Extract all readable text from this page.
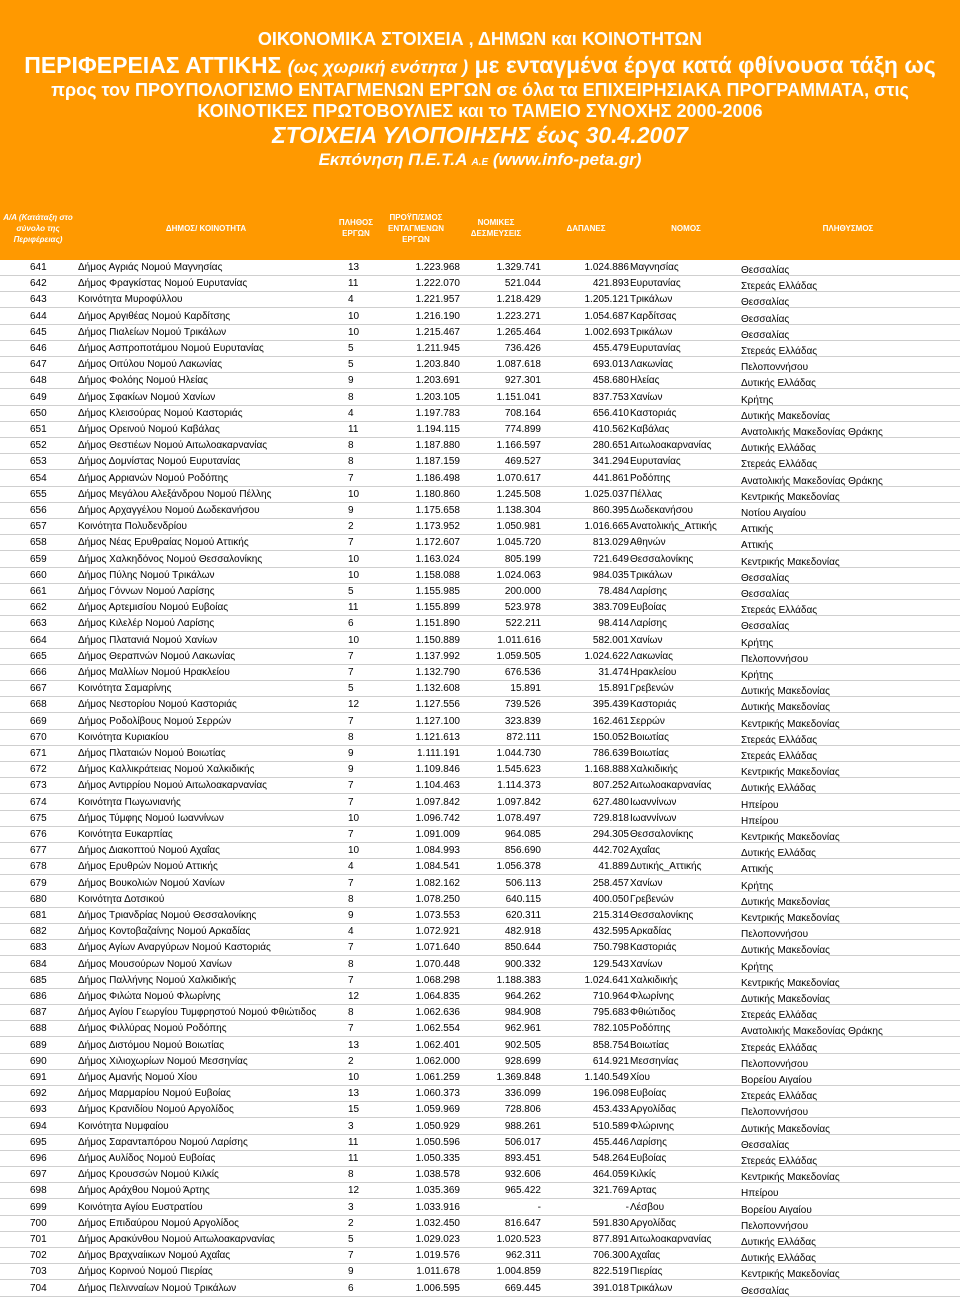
ΟΙΚΟΝΟΜΙΚΑ ΣΤΟΙΧΕΙΑ , ΔΗΜΩΝ και ΚΟΙΝΟΤΗΤΩΝ
ΠΕΡΙΦΕΡΕΙΑΣ ΑΤΤΙΚΗΣ (ως χωρική ενότητα ) με ενταγμένα έργα κατά φθίνουσα τάξη ως
προς τον ΠΡΟΥΠΟΛΟΓΙΣΜΟ ΕΝΤΑΓΜΕΝΩΝ ΕΡΓΩΝ σε όλα τα ΕΠΙΧΕΙΡΗΣΙΑΚΑ ΠΡΟΓΡΑΜΜΑΤΑ, στις
ΚΟΙΝΟΤΙΚΕΣ ΠΡΩΤΟΒΟΥΛΙΕΣ και το ΤΑΜΕΙΟ ΣΥΝΟΧΗΣ 2000-2006
ΣΤΟΙΧΕΙΑ ΥΛΟΠΟΙΗΣΗΣ έως 30.4.2007
Εκπόνηση Π.Ε.Τ.Α Α.Ε (www.info-peta.gr)
Α/Α (Κατάταξη στο σύνολο της Περιφέρειας)
ΔΗΜΟΣ/ ΚΟΙΝΟΤΗΤΑ
ΠΛΗΘΟΣ ΕΡΓΩΝ
ΠΡΟΫΠ/ΣΜΟΣ ΕΝΤΑΓΜΕΝΩΝ ΕΡΓΩΝ
ΝΟΜΙΚΕΣ ΔΕΣΜΕΥΣΕΙΣ
ΔΑΠΑΝΕΣ	ΝΟΜΟΣ	ΠΛΗΘΥΣΜΟΣ
641	Δήμος Αγριάς Νομού Μαγνησίας	13	1.223.968	1.329.741	1.024.886 Μαγνησίας	Θεσσαλίας
642	Δήμος Φραγκίστας Νομού Ευρυτανίας	11	1.222.070	521.044	421.893 Ευρυτανίας	Στερεάς Ελλάδας
643	Κοινότητα Μυροφύλλου	4	1.221.957	1.218.429	1.205.121 Τρικάλων	Θεσσαλίας
644	Δήμος Αργιθέας Νομού Καρδίτσης	10	1.216.190	1.223.271	1.054.687 Καρδίτσας	Θεσσαλίας
645	Δήμος Πιαλείων Νομού Τρικάλων	10	1.215.467	1.265.464	1.002.693 Τρικάλων	Θεσσαλίας
646	Δήμος Ασπροποτάμου Νομού Ευρυτανίας	5	1.211.945	736.426	455.479 Ευρυτανίας	Στερεάς Ελλάδας
647	Δήμος Οιτύλου Νομού Λακωνίας	5	1.203.840	1.087.618	693.013 Λακωνίας	Πελοποννήσου
648	Δήμος Φολόης Νομού Ηλείας	9	1.203.691	927.301	458.680 Ηλείας	Δυτικής Ελλάδας
649	Δήμος Σφακίων Νομού Χανίων	8	1.203.105	1.151.041	837.753 Χανίων	Κρήτης
650	Δήμος Κλεισούρας Νομού Καστοριάς	4	1.197.783	708.164	656.410 Καστοριάς	Δυτικής Μακεδονίας
651	Δήμος Ορεινού Νομού Καβάλας	11	1.194.115	774.899	410.562 Καβάλας	Ανατολικής Μακεδονίας Θράκης
652	Δήμος Θεστιέων Νομού Αιτωλοακαρνανίας	8	1.187.880	1.166.597	280.651 Αιτωλοακαρνανίας	Δυτικής Ελλάδας
653	Δήμος Δομνίστας Νομού Ευρυτανίας	8	1.187.159	469.527	341.294 Ευρυτανίας	Στερεάς Ελλάδας
654	Δήμος Αρριανών Νομού Ροδόπης	7	1.186.498	1.070.617	441.861 Ροδόπης	Ανατολικής Μακεδονίας Θράκης
655	Δήμος Μεγάλου Αλεξάνδρου Νομού Πέλλης	10	1.180.860	1.245.508	1.025.037 Πέλλας	Κεντρικής Μακεδονίας
656	Δήμος Αρχαγγέλου Νομού Δωδεκανήσου	9	1.175.658	1.138.304	860.395 Δωδεκανήσου	Νοτίου Αιγαίου
657	Κοινότητα Πολυδενδρίου	2	1.173.952	1.050.981	1.016.665 Ανατολικής_Αττικής Αττικής
658	Δήμος Νέας Ερυθραίας Νομού Αττικής	7	1.172.607	1.045.720	813.029 Αθηνών	Αττικής
659	Δήμος Χαλκηδόνος Νομού Θεσσαλονίκης	10	1.163.024	805.199	721.649 Θεσσαλονίκης	Κεντρικής Μακεδονίας
660	Δήμος Πύλης Νομού Τρικάλων	10	1.158.088	1.024.063	984.035 Τρικάλων	Θεσσαλίας
661	Δήμος Γόννων Νομού Λαρίσης	5	1.155.985	200.000	78.484 Λαρίσης	Θεσσαλίας
662	Δήμος Αρτεμισίου Νομού Ευβοίας	11	1.155.899	523.978	383.709 Ευβοίας	Στερεάς Ελλάδας
663	Δήμος Κιλελέρ Νομού Λαρίσης	6	1.151.890	522.211	98.414 Λαρίσης	Θεσσαλίας
664	Δήμος Πλατανιά Νομού Χανίων	10	1.150.889	1.011.616	582.001 Χανίων	Κρήτης
665	Δήμος Θεραπνών Νομού Λακωνίας	7	1.137.992	1.059.505	1.024.622 Λακωνίας	Πελοποννήσου
666	Δήμος Μαλλίων Νομού Ηρακλείου	7	1.132.790	676.536	31.474 Ηρακλείου	Κρήτης
667	Κοινότητα Σαμαρίνης	5	1.132.608	15.891	15.891 Γρεβενών	Δυτικής Μακεδονίας
668	Δήμος Νεστορίου Νομού Καστοριάς	12	1.127.556	739.526	395.439 Καστοριάς	Δυτικής Μακεδονίας
669	Δήμος Ροδολίβους Νομού Σερρών	7	1.127.100	323.839	162.461 Σερρών	Κεντρικής Μακεδονίας
670	Κοινότητα Κυριακίου	8	1.121.613	872.111	150.052 Βοιωτίας	Στερεάς Ελλάδας
671	Δήμος Πλαταιών Νομού Βοιωτίας	9	1.111.191	1.044.730	786.639 Βοιωτίας	Στερεάς Ελλάδας
672	Δήμος Καλλικράτειας Νομού Χαλκιδικής	9	1.109.846	1.545.623	1.168.888 Χαλκιδικής	Κεντρικής Μακεδονίας
673	Δήμος Αντιρρίου Νομού Αιτωλοακαρνανίας	7	1.104.463	1.114.373	807.252 Αιτωλοακαρνανίας	Δυτικής Ελλάδας
674	Κοινότητα Πωγωνιανής	7	1.097.842	1.097.842	627.480 Ιωαννίνων	Ηπείρου
675	Δήμος Τύμφης Νομού Ιωαννίνων	10	1.096.742	1.078.497	729.818 Ιωαννίνων	Ηπείρου
676	Κοινότητα Ευκαρπίας	7	1.091.009	964.085	294.305 Θεσσαλονίκης	Κεντρικής Μακεδονίας
677	Δήμος Διακοπτού Νομού Αχαΐας	10	1.084.993	856.690	442.702 Αχαΐας	Δυτικής Ελλάδας
678	Δήμος Ερυθρών Νομού Αττικής	4	1.084.541	1.056.378	41.889 Δυτικής_Αττικής	Αττικής
679	Δήμος Βουκολιών Νομού Χανίων	7	1.082.162	506.113	258.457 Χανίων	Κρήτης
680	Κοινότητα Δοτσικού	8	1.078.250	640.115	400.050 Γρεβενών	Δυτικής Μακεδονίας
681	Δήμος Τριανδρίας Νομού Θεσσαλονίκης	9	1.073.553	620.311	215.314 Θεσσαλονίκης	Κεντρικής Μακεδονίας
682	Δήμος Κοντοβαζαίνης Νομού Αρκαδίας	4	1.072.921	482.918	432.595 Αρκαδίας	Πελοποννήσου
683	Δήμος Αγίων Αναργύρων Νομού Καστοριάς	7	1.071.640	850.644	750.798 Καστοριάς	Δυτικής Μακεδονίας
684	Δήμος Μουσούρων Νομού Χανίων	8	1.070.448	900.332	129.543 Χανίων	Κρήτης
685	Δήμος Παλλήνης Νομού Χαλκιδικής	7	1.068.298	1.188.383	1.024.641 Χαλκιδικής	Κεντρικής Μακεδονίας
686	Δήμος Φιλώτα Νομού Φλωρίνης	12	1.064.835	964.262	710.964 Φλωρίνης	Δυτικής Μακεδονίας
687	Δήμος Αγίου Γεωργίου Τυμφρηστού Νομού Φθιώτιδος	8	1.062.636	984.908	795.683 Φθιώτιδος	Στερεάς Ελλάδας
688	Δήμος Φιλλύρας Νομού Ροδόπης	7	1.062.554	962.961	782.105 Ροδόπης	Ανατολικής Μακεδονίας Θράκης
689	Δήμος Διστόμου Νομού Βοιωτίας	13	1.062.401	902.505	858.754 Βοιωτίας	Στερεάς Ελλάδας
690	Δήμος Χιλιοχωρίων Νομού Μεσσηνίας	2	1.062.000	928.699	614.921 Μεσσηνίας	Πελοποννήσου
691	Δήμος Αμανής Νομού Χίου	10	1.061.259	1.369.848	1.140.549 Χίου	Βορείου Αιγαίου
692	Δήμος Μαρμαρίου Νομού Ευβοίας	13	1.060.373	336.099	196.098 Ευβοίας	Στερεάς Ελλάδας
693	Δήμος Κρανιδίου Νομού Αργολίδος	15	1.059.969	728.806	453.433 Αργολίδας	Πελοποννήσου
694	Κοινότητα Νυμφαίου	3	1.050.929	988.261	510.589 Φλώρινης	Δυτικής Μακεδονίας
695	Δήμος Σαραντaπόρου Νομού Λαρίσης	11	1.050.596	506.017	455.446 Λαρίσης	Θεσσαλίας
696	Δήμος Αυλίδος Νομού Ευβοίας	11	1.050.335	893.451	548.264 Ευβοίας	Στερεάς Ελλάδας
697	Δήμος Κρουσσών Νομού Κιλκίς	8	1.038.578	932.606	464.059 Κιλκίς	Κεντρικής Μακεδονίας
698	Δήμος Αράχθου Νομού Άρτης	12	1.035.369	965.422	321.769 Αρτας	Ηπείρου
699	Κοινότητα Αγίου Ευστρατίου	3	1.033.916	-	- Λέσβου	Βορείου Αιγαίου
700	Δήμος Επιδαύρου Νομού Αργολίδος	2	1.032.450	816.647	591.830 Αργολίδας	Πελοποννήσου
701	Δήμος Αρακύνθου Νομού Αιτωλοακαρνανίας	5	1.029.023	1.020.523	877.891 Αιτωλοακαρνανίας	Δυτικής Ελλάδας
702	Δήμος Βραχναίικων Νομού Αχαΐας	7	1.019.576	962.311	706.300 Αχαΐας	Δυτικής Ελλάδας
703	Δήμος Κορινού Νομού Πιερίας	9	1.011.678	1.004.859	822.519 Πιερίας	Κεντρικής Μακεδονίας
704	Δήμος Πελινναίων Νομού Τρικάλων	6	1.006.595	669.445	391.018 Τρικάλων	Θεσσαλίας
